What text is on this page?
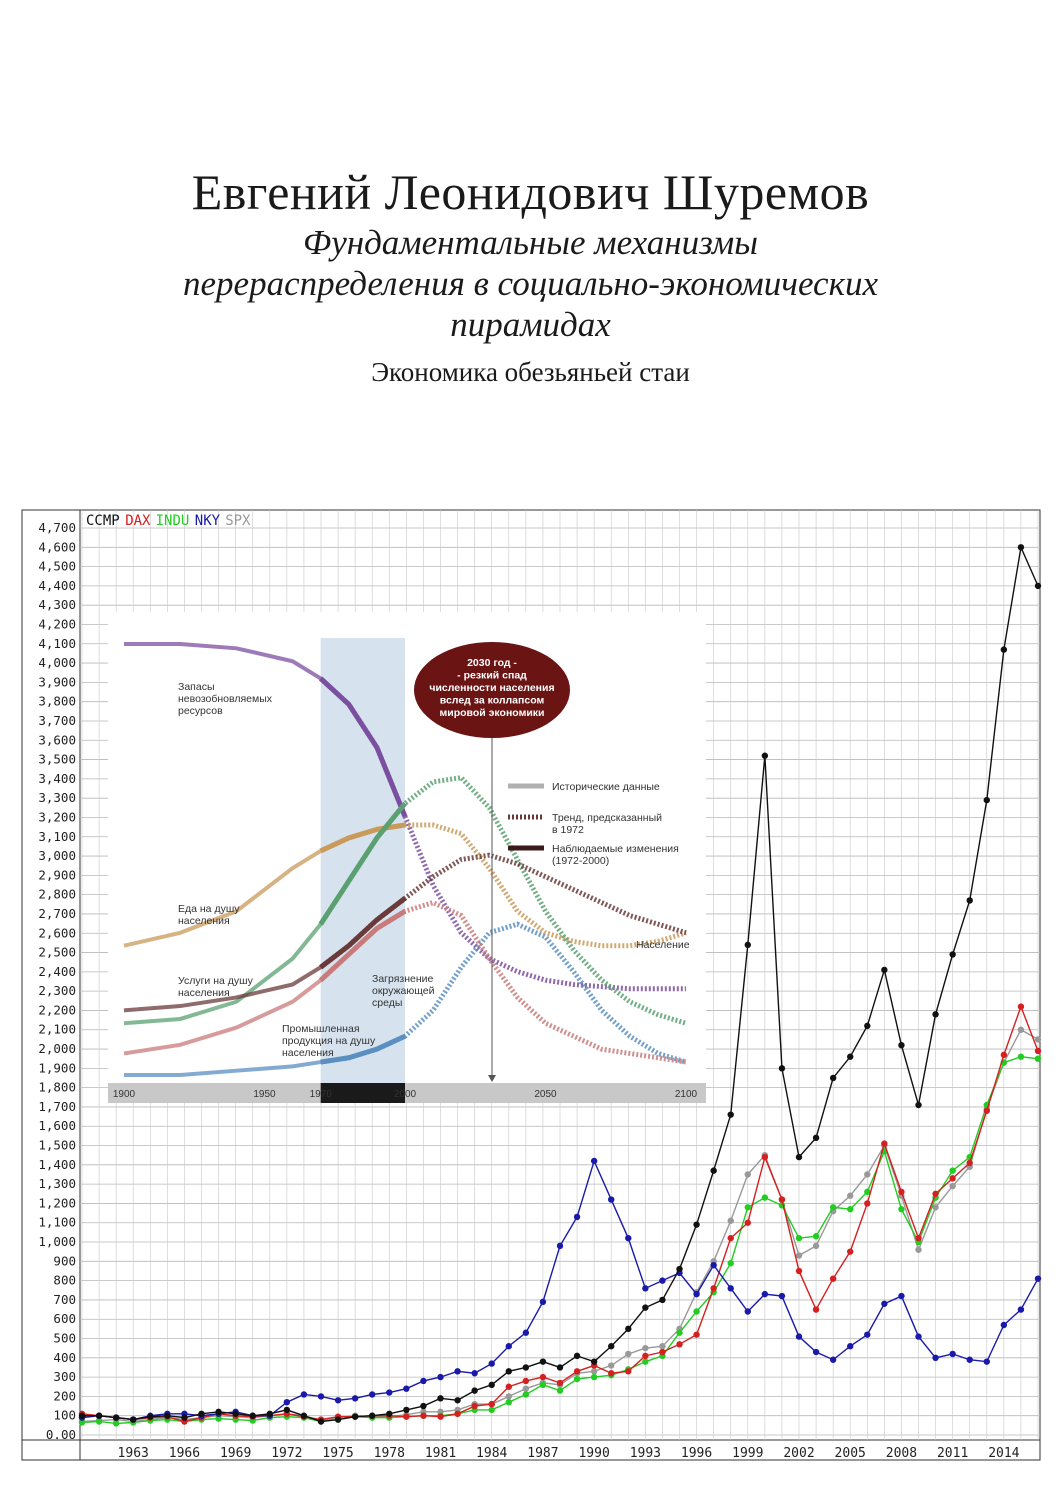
Евгений Леонидович Шуремов
Фундаментальные механизмы
перераспределения в социально-экономических
пирамидах
Экономика обезьяньей стаи
0.00
100
200
300
400
500
600
700
800
900
1,000
1,100
1,200
1,300
1,400
1,500
1,600
1,700
1,800
1,900
2,000
2,100
2,200
2,300
2,400
2,500
2,600
2,700
2,800
2,900
3,000
3,100
3,200
3,300
3,400
3,500
3,600
3,700
3,800
3,900
4,000
4,100
4,200
4,300
4,400
4,500
4,600
4,700
1963 1966 1969 1972 1975 1978 1981 1984 1987 1990 1993 1996 1999 2002 2005 2008 2011 2014
CCMP DAX INDU NKY SPX
1900	1950	1970	2000	2050	2100
Запасы невозобновляемых ресурсов
Еда на душу населения
Услуги на душу населения
Загрязнение окружающей среды
Промышленная продукция на душу населения
Население
Исторические данные
Тренд, предсказанный в 1972
Наблюдаемые изменения (1972-2000)
2030 год -- резкий спад численности населения вслед за коллапсом мировой экономики
